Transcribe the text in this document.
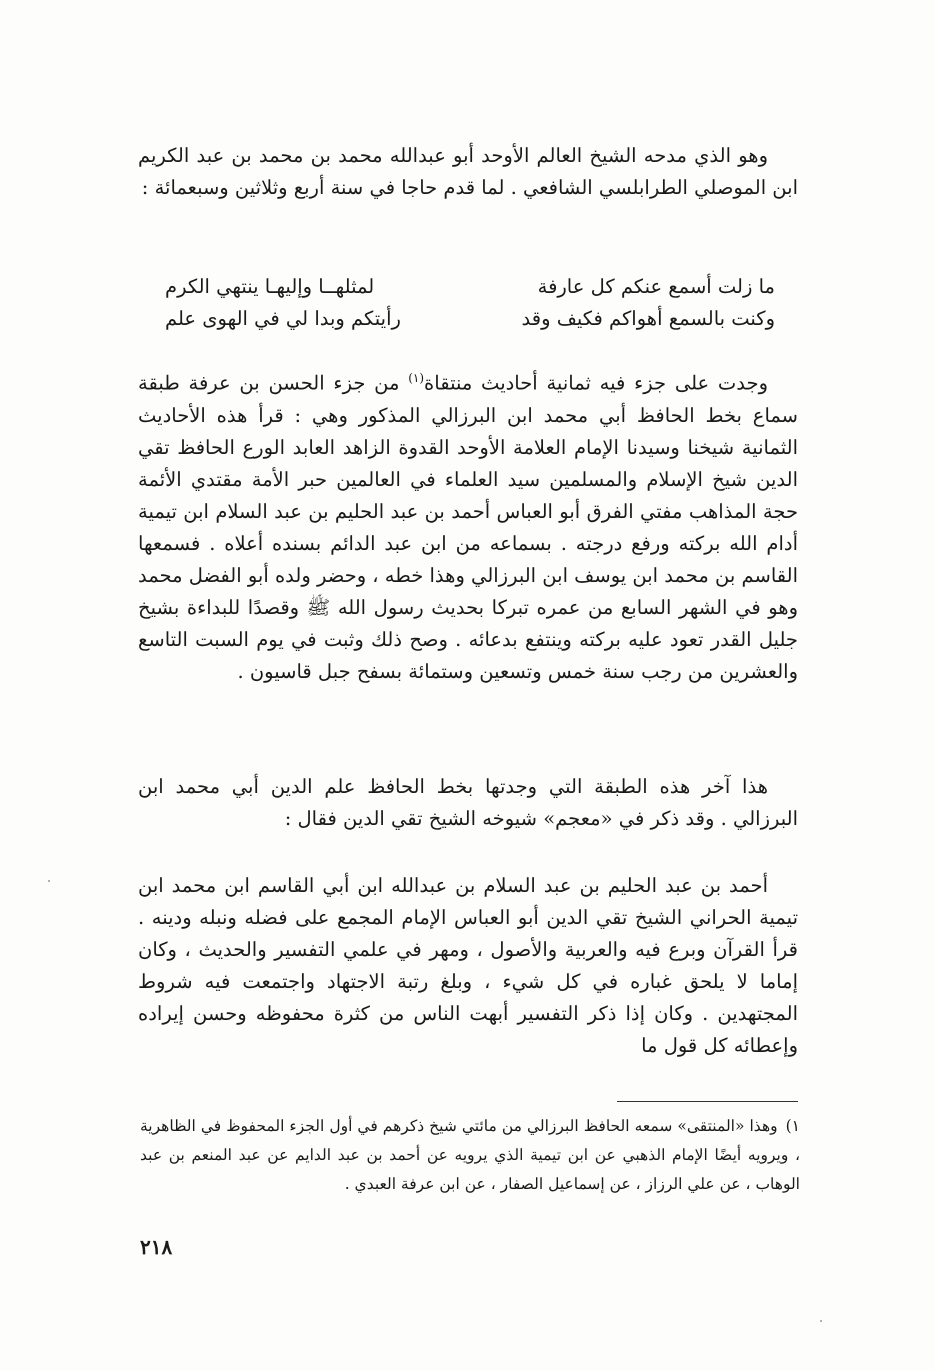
وهو الذي مدحه الشيخ العالم الأوحد أبو عبدالله محمد بن محمد بن عبد الكريم ابن الموصلي الطرابلسي الشافعي . لما قدم حاجا في سنة أربع وثلاثين وسبعمائة :

ما زلت أسمع عنكم كل عارفة
لمثلهــا وإليهـا ينتهي الكرم
وكنت بالسمع أهواكم فكيف وقد
رأيتكم وبدا لي في الهوى علم

وجدت على جزء فيه ثمانية أحاديث منتقاة$^{(١)}$ من جزء الحسن بن عرفة طبقة سماع بخط الحافظ أبي محمد ابن البرزالي المذكور وهي : قرأ هذه الأحاديث الثمانية شيخنا وسيدنا الإمام العلامة الأوحد القدوة الزاهد العابد الورع الحافظ تقي الدين شيخ الإسلام والمسلمين سيد العلماء في العالمين حبر الأمة مقتدي الأئمة حجة المذاهب مفتي الفرق أبو العباس أحمد بن عبد الحليم بن عبد السلام ابن تيمية أدام الله بركته ورفع درجته . بسماعه من ابن عبد الدائم بسنده أعلاه . فسمعها القاسم بن محمد ابن يوسف ابن البرزالي وهذا خطه ، وحضر ولده أبو الفضل محمد وهو في الشهر السابع من عمره تبركا بحديث رسول الله ﷺ وقصدًا للبداءة بشيخ جليل القدر تعود عليه بركته وينتفع بدعائه . وصح ذلك وثبت في يوم السبت التاسع والعشرين من رجب سنة خمس وتسعين وستمائة بسفح جبل قاسيون .

هذا آخر هذه الطبقة التي وجدتها بخط الحافظ علم الدين أبي محمد ابن البرزالي . وقد ذكر في «معجم» شيوخه الشيخ تقي الدين فقال :

أحمد بن عبد الحليم بن عبد السلام بن عبدالله ابن أبي القاسم ابن محمد ابن تيمية الحراني الشيخ تقي الدين أبو العباس الإمام المجمع على فضله ونبله ودينه . قرأ القرآن وبرع فيه والعربية والأصول ، ومهر في علمي التفسير والحديث ، وكان إماما لا يلحق غباره في كل شيء ، وبلغ رتبة الاجتهاد واجتمعت فيه شروط المجتهدين . وكان إذا ذكر التفسير أبهت الناس من كثرة محفوظه وحسن إيراده وإعطائه كل قول ما

١)وهذا «المنتقى» سمعه الحافظ البرزالي من مائتي شيخ ذكرهم في أول الجزء المحفوظ في الظاهرية ، ويرويه أيضًا الإمام الذهبي عن ابن تيمية الذي يرويه عن أحمد بن عبد الدايم عن عبد المنعم بن عبد الوهاب ، عن علي الرزاز ، عن إسماعيل الصفار ، عن ابن عرفة العبدي .

٢١٨
